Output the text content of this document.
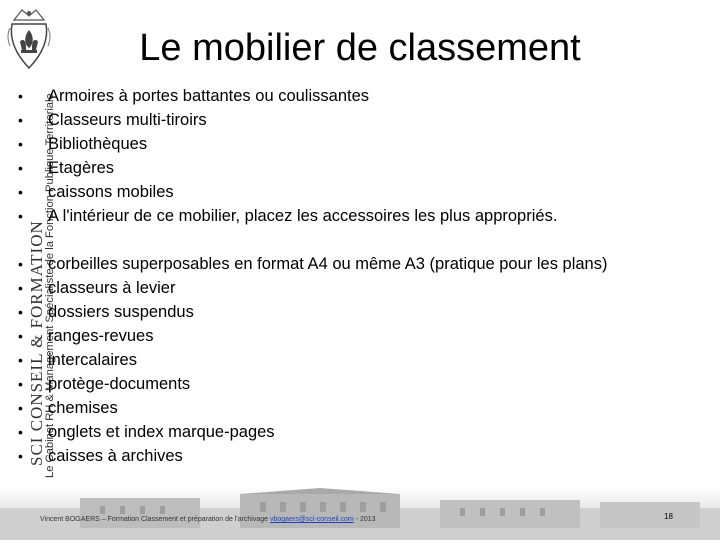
SCI CONSEIL & FORMATION
Le Cabinet RH & Management Spécialiste de la Fonction Publique Territoriale
Le mobilier de classement
•	Armoires à portes battantes ou coulissantes
•	Classeurs multi-tiroirs
•	Bibliothèques
•	Etagères
•	caissons mobiles
•	A l'intérieur de ce mobilier, placez les accessoires les plus appropriés.
•	corbeilles superposables en format A4 ou même A3 (pratique pour les plans)
•	classeurs à levier
•	dossiers suspendus
•	ranges-revues
•	intercalaires
•	protège-documents
•	chemises
•	onglets et index marque-pages
•	caisses à archives
Vincent BOGAERS – Formation Classement et préparation de l'archivage vbogaers@sci-conseil.com - 2013	18
